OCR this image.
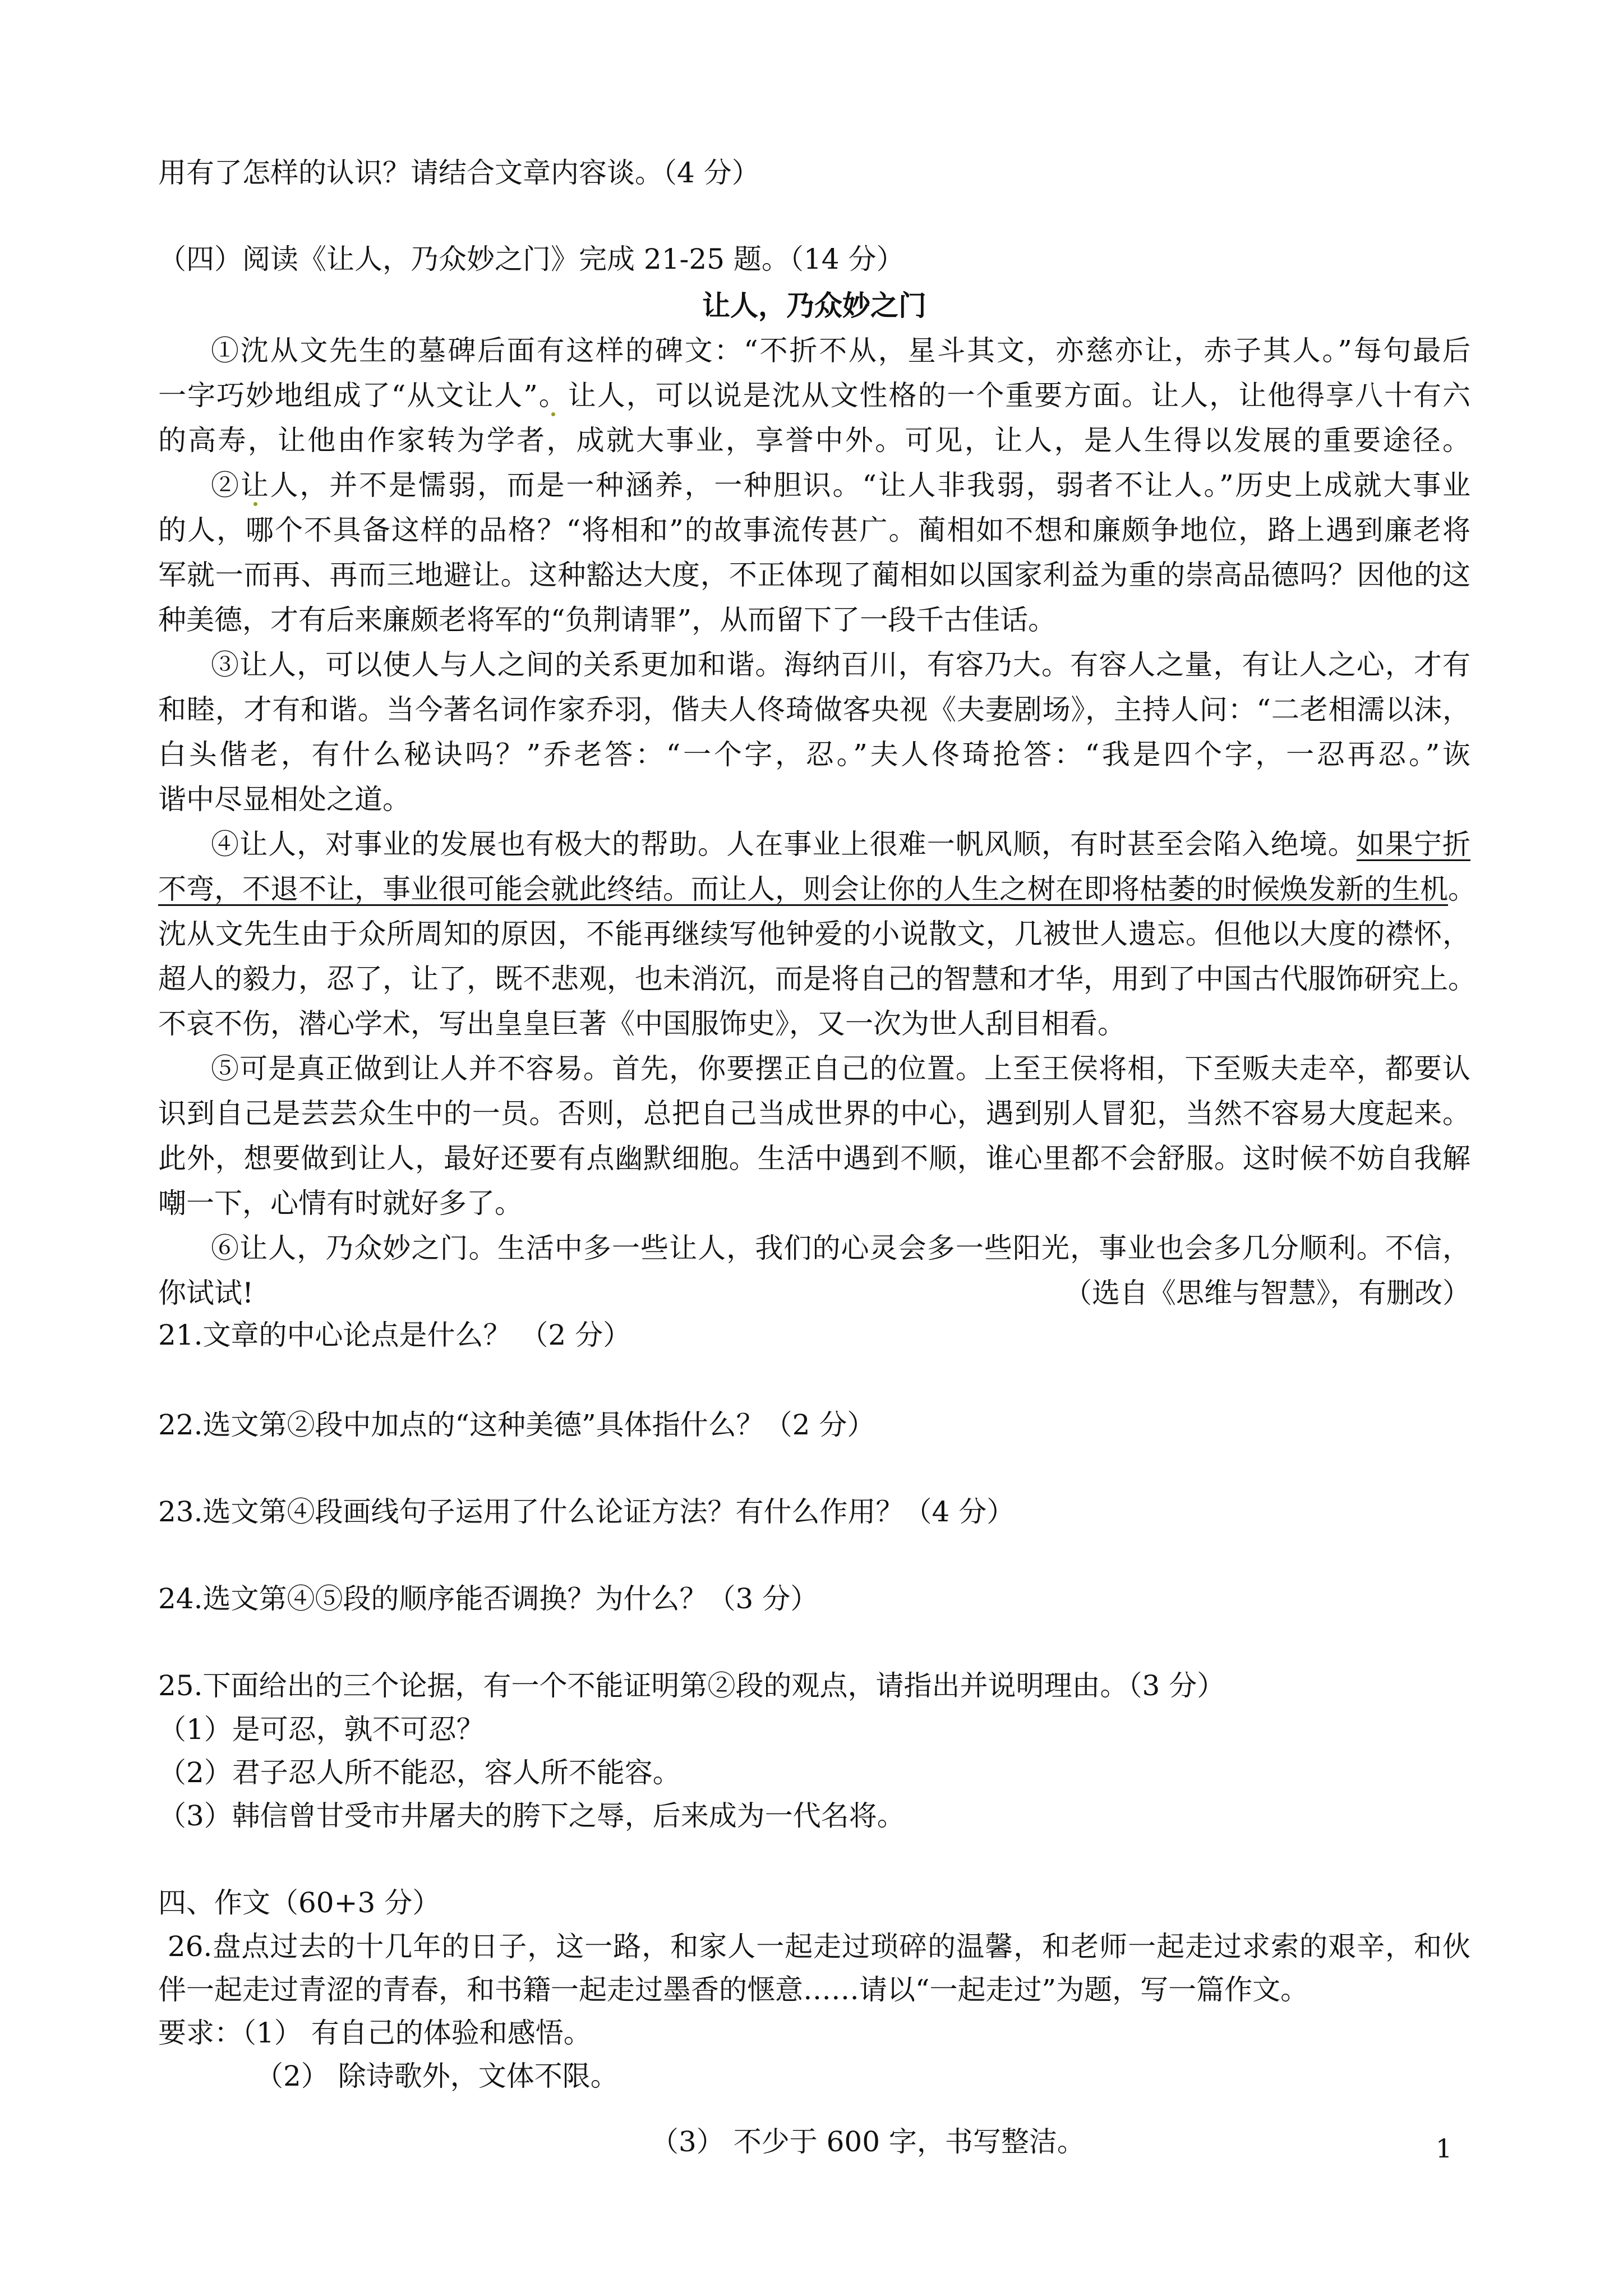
用有了怎样的认识？请结合文章内容谈。（4 分）
（四）阅读《让人，乃众妙之门》完成 21-25 题。（14 分）
让人，乃众妙之门
①沈从文先生的墓碑后面有这样的碑文：“不折不从，星斗其文，亦慈亦让，赤子其人。”每句最后
一字巧妙地组成了“从文让人”。让人，可以说是沈从文性格的一个重要方面。让人，让他得享八十有六
的高寿，让他由作家转为学者，成就大事业，享誉中外。可见，让人，是人生得以发展的重要途径。
②让人，并不是懦弱，而是一种涵养，一种胆识。“让人非我弱，弱者不让人。”历史上成就大事业
的人，哪个不具备这样的品格？“将相和”的故事流传甚广。蔺相如不想和廉颇争地位，路上遇到廉老将
军就一而再、再而三地避让。这种豁达大度，不正体现了蔺相如以国家利益为重的崇高品德吗？因他的这
种美德，才有后来廉颇老将军的“负荆请罪”，从而留下了一段千古佳话。
③让人，可以使人与人之间的关系更加和谐。海纳百川，有容乃大。有容人之量，有让人之心，才有
和睦，才有和谐。当今著名词作家乔羽，偕夫人佟琦做客央视《夫妻剧场》，主持人问：“二老相濡以沫，
白头偕老，有什么秘诀吗？”乔老答：“一个字，忍。”夫人佟琦抢答：“我是四个字，一忍再忍。”诙
谐中尽显相处之道。
④让人，对事业的发展也有极大的帮助。人在事业上很难一帆风顺，有时甚至会陷入绝境。如果宁折
不弯，不退不让，事业很可能会就此终结。而让人，则会让你的人生之树在即将枯萎的时候焕发新的生机。
沈从文先生由于众所周知的原因，不能再继续写他钟爱的小说散文，几被世人遗忘。但他以大度的襟怀，
超人的毅力，忍了，让了，既不悲观，也未消沉，而是将自己的智慧和才华，用到了中国古代服饰研究上。
不哀不伤，潜心学术，写出皇皇巨著《中国服饰史》，又一次为世人刮目相看。
⑤可是真正做到让人并不容易。首先，你要摆正自己的位置。上至王侯将相，下至贩夫走卒，都要认
识到自己是芸芸众生中的一员。否则，总把自己当成世界的中心，遇到别人冒犯，当然不容易大度起来。
此外，想要做到让人，最好还要有点幽默细胞。生活中遇到不顺，谁心里都不会舒服。这时候不妨自我解
嘲一下，心情有时就好多了。
⑥让人，乃众妙之门。生活中多一些让人，我们的心灵会多一些阳光，事业也会多几分顺利。不信，
你试试!	（选自《思维与智慧》，有删改）
21.文章的中心论点是什么？ （2 分）
22.选文第②段中加点的“这种美德”具体指什么？（2 分）
23.选文第④段画线句子运用了什么论证方法？有什么作用？（4 分）
24.选文第④⑤段的顺序能否调换？为什么？（3 分）
25.下面给出的三个论据，有一个不能证明第②段的观点，请指出并说明理由。（3 分）
（1）是可忍，孰不可忍？
（2）君子忍人所不能忍，容人所不能容。
（3）韩信曾甘受市井屠夫的胯下之辱，后来成为一代名将。
四、作文（60+3 分）
26.盘点过去的十几年的日子，这一路，和家人一起走过琐碎的温馨，和老师一起走过求索的艰辛，和伙
伴一起走过青涩的青春，和书籍一起走过墨香的惬意……请以“一起走过”为题，写一篇作文。
要求：（1） 有自己的体验和感悟。
（2） 除诗歌外，文体不限。
（3） 不少于 600 字，书写整洁。	1
